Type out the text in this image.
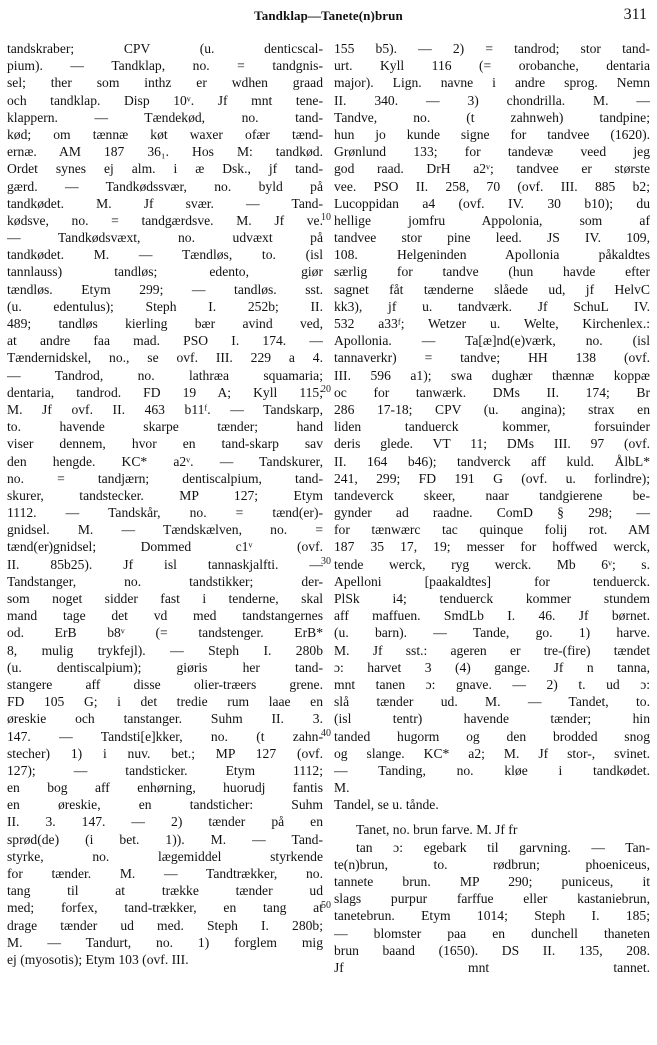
Tandklap—Tanete(n)brun	311
tandskraber; CPV (u. denticscal-
pium). — Tandklap, no. = tandgnis-
sel; ther som inthz er wdhen graad
och tandklap. Disp 10ᵛ. Jf mnt tene-
klappern. — Tændekød, no. tand-
kød; om tænnæ køt waxer ofær tænd-
ernæ. AM 187 36₁. Hos M: tandkød.
Ordet synes ej alm. i æ Dsk., jf tand-
gærd. — Tandkødssvær, no. byld på
tandkødet. M. Jf svær. — Tand-
kødsve, no. = tandgærdsve. M. Jf ve.
— Tandkødsvæxt, no. udvæxt på
tandkødet. M. — Tændløs, to. (isl
tannlauss) tandløs; edento, giør
tændløs. Etym 299; — tandløs. sst.
(u. edentulus); Steph I. 252b; II.
489; tandløs kierling bær avind ved,
at andre faa mad. PSO I. 174. —
Tændernidskel, no., se ovf. III. 229 a 4.
— Tandrod, no. lathræa squamaria;
dentaria, tandrod. FD 19 A; Kyll 115;
M. Jf ovf. II. 463 b11ᶠ. — Tandskarp,
to. havende skarpe tænder; hand
viser dennem, hvor en tand-skarp sav
den hengde. KC* a2ᵛ. — Tandskurer,
no. = tandjærn; dentiscalpium, tand-
skurer, tandstecker. MP 127; Etym
1112. — Tandskår, no. = tænd(er)-
gnidsel. M. — Tændskælven, no. =
tænd(er)gnidsel; Dommed c1ᵛ (ovf.
II. 85b25). Jf isl tannaskjalfti. —
Tandstanger, no. tandstikker; der-
som noget sidder fast i tenderne, skal
mand tage det vd med tandstangernes
od. ErB b8ᵛ (= tandstenger. ErB*
8, mulig trykfejl). — Steph I. 280b
(u. dentiscalpium); giøris her tand-
stangere aff disse olier-træers grene.
FD 105 G; i det tredie rum laae en
øreskie och tanstanger. Suhm II. 3.
147. — Tandsti[e]kker, no. (t zahn-
stecher) 1) i nuv. bet.; MP 127 (ovf.
127); — tandsticker. Etym 1112;
en bog aff enhørning, huorudj fantis
en øreskie, en tandsticher: Suhm
II. 3. 147. — 2) tænder på en
sprød(de) (i bet. 1)). M. — Tand-
styrke, no. lægemiddel styrkende
for tænder. M. — Tandtrækker, no.
tang til at trække tænder ud
med; forfex, tand-trækker, en tang at
drage tænder ud med. Steph I. 280b;
M. — Tandurt, no. 1) forglem mig
ej (myosotis); Etym 103 (ovf. III.
155 b5). — 2) = tandrod; stor tand-
urt. Kyll 116 (= orobanche, dentaria
major). Lign. navne i andre sprog. Nemn
II. 340. — 3) chondrilla. M. —
Tandve, no. (t zahnweh) tandpine;
hun jo kunde signe for tandvee (1620).
Grønlund 133; for tandevæ veed jeg
god raad. DrH a2ᵛ; tandvee er største
vee. PSO II. 258, 70 (ovf. III. 885 b2;
Lucoppidan a4 (ovf. IV. 30 b10); du
hellige jomfru Appolonia, som af
tandvee stor pine leed. JS IV. 109,
108. Helgeninden Apollonia påkaldtes
særlig for tandve (hun havde efter
sagnet fåt tænderne slåede ud, jf HelvC
kk3), jf u. tandværk. Jf SchuL IV.
532 a33ᶠ; Wetzer u. Welte, Kirchenlex.:
Apollonia. — Ta[æ]nd(e)værk, no. (isl
tannaverkr) = tandve; HH 138 (ovf.
III. 596 a1); swa dughær thænnæ koppæ
oc for tanwærk. DMs II. 174; Br
286 17-18; CPV (u. angina); strax en
liden tanduerck kommer, forsuinder
deris glede. VT 11; DMs III. 97 (ovf.
II. 164 b46); tandverck aff kuld. ÅlbL*
241, 299; FD 191 G (ovf. u. forlindre);
tandeverck skeer, naar tandgierene be-
gynder ad raadne. ComD § 298; —
for tænwærc tac quinque folij rot. AM
187 35 17, 19; messer for hoffwed werck,
tende werck, ryg werck. Mb 6ᵛ; s.
Apelloni [paakaldtes] for tenduerck.
PlSk i4; tenduerck kommer stundem
aff maffuen. SmdLb I. 46. Jf børnet.
(u. barn). — Tande, go. 1) harve.
M. Jf sst.: ageren er tre-(fire) tændet
ɔ: harvet 3 (4) gange. Jf n tanna,
mnt tanen ɔ: gnave. — 2) t. ud ɔ:
slå tænder ud. M. — Tandet, to.
(isl tentr) havende tænder; hin
tanded hugorm og den brodded snog
og slange. KC* a2; M. Jf stor-, svinet.
— Tanding, no. kløe i tandkødet.
M.
Tandel, se u. tånde.
Tanet, no. brun farve. M. Jf fr
tan ɔ: egebark til garvning. — Tan-
te(n)brun, to. rødbrun; phoeniceus,
tannete brun. MP 290; puniceus, it
slags purpur farffue eller kastaniebrun,
tanetebrun. Etym 1014; Steph I. 185;
— blomster paa en dunchell thaneten
brun baand (1650). DS II. 135, 208.
Jf mnt tannet.
10
20
30
40
50
